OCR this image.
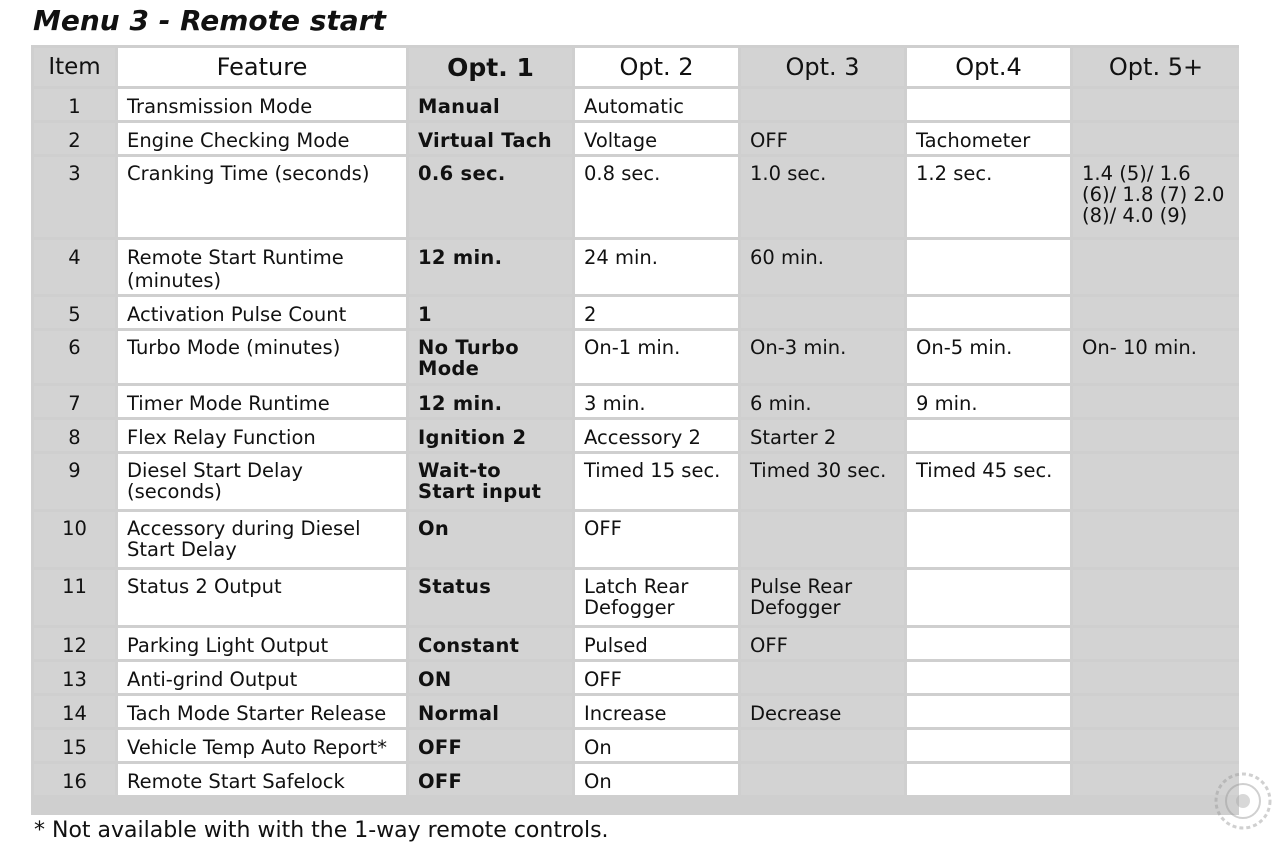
Menu 3 - Remote start
Item	Feature	Opt. 1	Opt. 2	Opt. 3	Opt.4	Opt. 5+
1	Transmission Mode	Manual	Automatic			
2	Engine Checking Mode	Virtual Tach	Voltage	OFF	Tachometer	
3	Cranking Time (seconds)	0.6 sec.	0.8 sec.	1.0 sec.	1.2 sec.	1.4 (5)/ 1.6 (6)/ 1.8 (7) 2.0 (8)/ 4.0 (9)
4	Remote Start Runtime (minutes)	12 min.	24 min.	60 min.		
5	Activation Pulse Count	1	2			
6	Turbo Mode (minutes)	No Turbo Mode	On-1 min.	On-3 min.	On-5 min.	On- 10 min.
7	Timer Mode Runtime	12 min.	3 min.	6 min.	9 min.	
8	Flex Relay Function	Ignition 2	Accessory 2	Starter 2		
9	Diesel Start Delay (seconds)	Wait-to Start input	Timed 15 sec.	Timed 30 sec.	Timed 45 sec.	
10	Accessory during Diesel Start Delay	On	OFF			
11	Status 2 Output	Status	Latch Rear Defogger	Pulse Rear Defogger		
12	Parking Light Output	Constant	Pulsed	OFF		
13	Anti-grind Output	ON	OFF			
14	Tach Mode Starter Release	Normal	Increase	Decrease		
15	Vehicle Temp Auto Report*	OFF	On			
16	Remote Start Safelock	OFF	On			
* Not available with with the 1-way remote controls.
